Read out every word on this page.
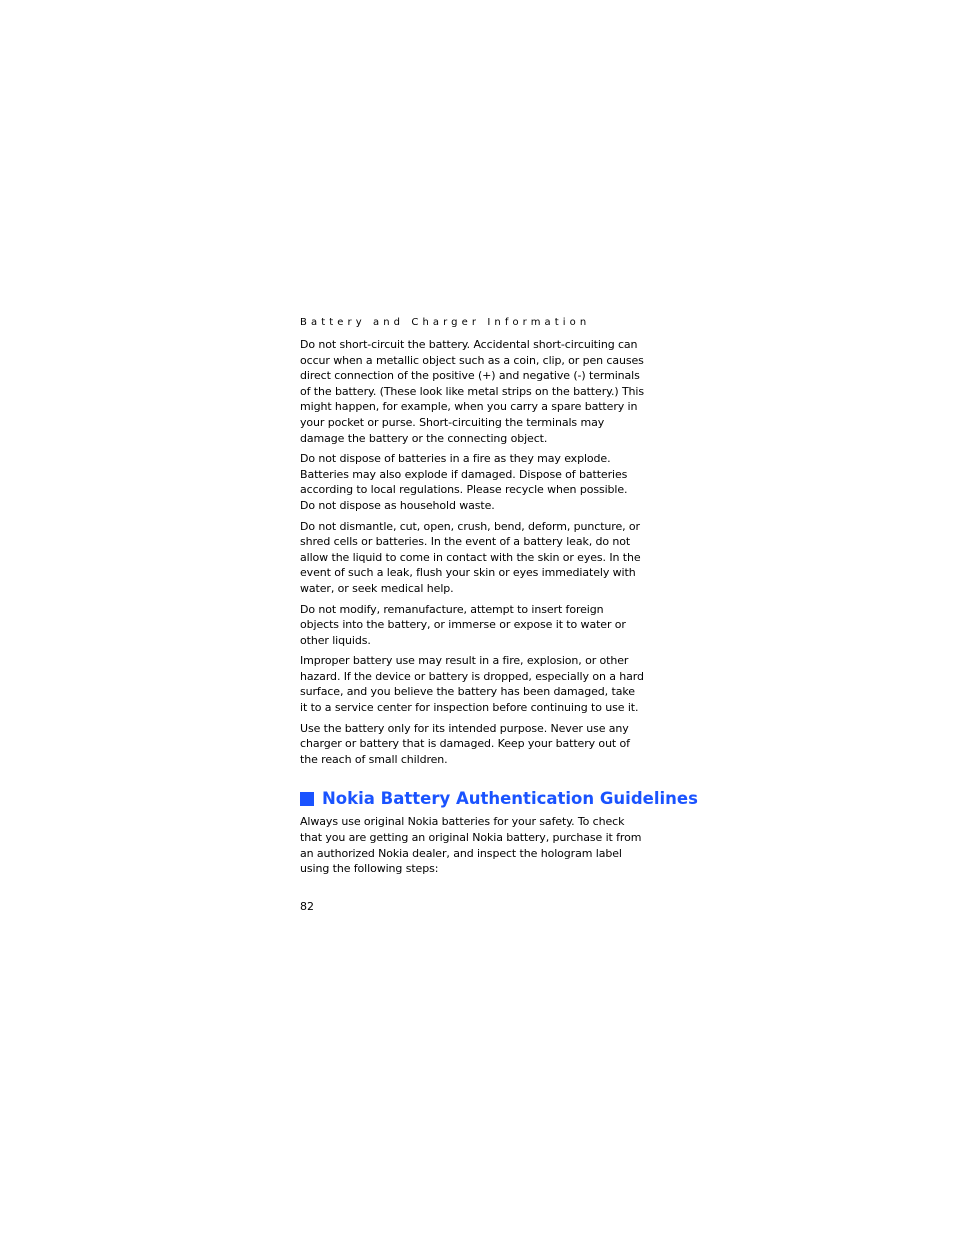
Battery and Charger Information

Do not short-circuit the battery. Accidental short-circuiting can occur when a metallic object such as a coin, clip, or pen causes direct connection of the positive (+) and negative (-) terminals of the battery. (These look like metal strips on the battery.) This might happen, for example, when you carry a spare battery in your pocket or purse. Short-circuiting the terminals may damage the battery or the connecting object.

Do not dispose of batteries in a fire as they may explode. Batteries may also explode if damaged. Dispose of batteries according to local regulations. Please recycle when possible. Do not dispose as household waste.

Do not dismantle, cut, open, crush, bend, deform, puncture, or shred cells or batteries. In the event of a battery leak, do not allow the liquid to come in contact with the skin or eyes. In the event of such a leak, flush your skin or eyes immediately with water, or seek medical help.

Do not modify, remanufacture, attempt to insert foreign objects into the battery, or immerse or expose it to water or other liquids.

Improper battery use may result in a fire, explosion, or other hazard. If the device or battery is dropped, especially on a hard surface, and you believe the battery has been damaged, take it to a service center for inspection before continuing to use it.

Use the battery only for its intended purpose. Never use any charger or battery that is damaged. Keep your battery out of the reach of small children.

Nokia Battery Authentication Guidelines

Always use original Nokia batteries for your safety. To check that you are getting an original Nokia battery, purchase it from an authorized Nokia dealer, and inspect the hologram label using the following steps:

82
